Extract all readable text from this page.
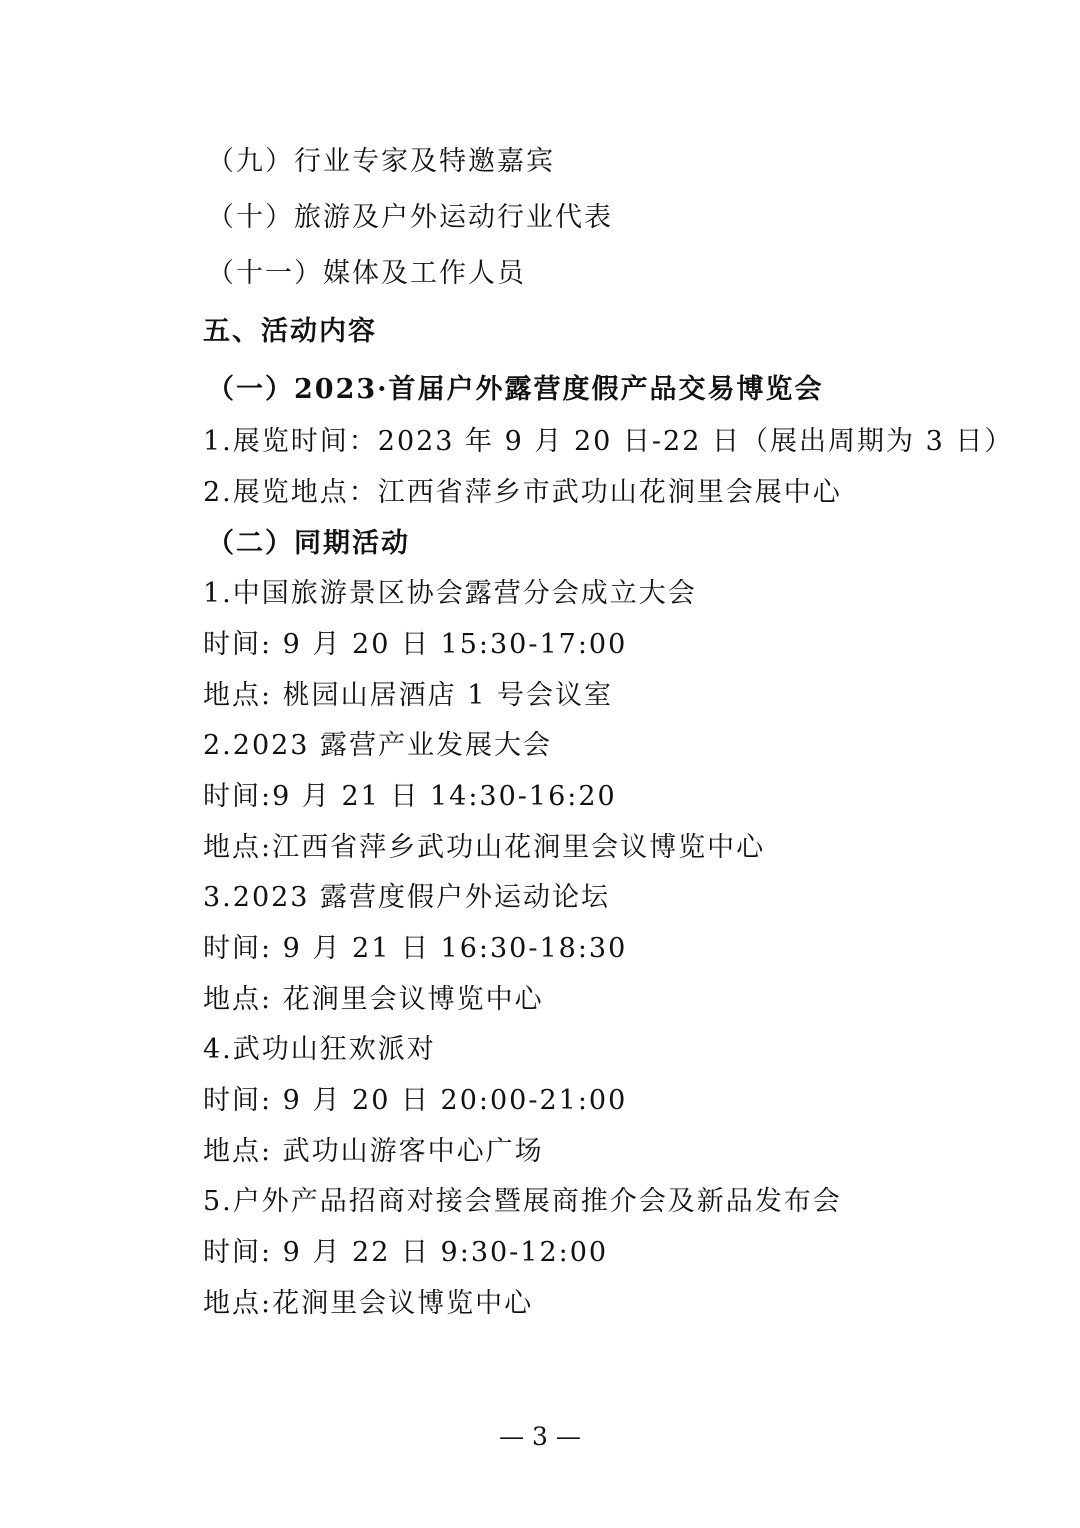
（九）行业专家及特邀嘉宾
（十）旅游及户外运动行业代表
（十一）媒体及工作人员
五、活动内容
（一）2023·首届户外露营度假产品交易博览会
1.展览时间：2023 年 9 月 20 日-22 日（展出周期为 3 日）
2.展览地点：江西省萍乡市武功山花涧里会展中心
（二）同期活动
1.中国旅游景区协会露营分会成立大会
时间: 9 月 20 日 15:30-17:00
地点: 桃园山居酒店 1 号会议室
2.2023 露营产业发展大会
时间:9 月 21 日 14:30-16:20
地点:江西省萍乡武功山花涧里会议博览中心
3.2023 露营度假户外运动论坛
时间: 9 月 21 日 16:30-18:30
地点: 花涧里会议博览中心
4.武功山狂欢派对
时间: 9 月 20 日 20:00-21:00
地点: 武功山游客中心广场
5.户外产品招商对接会暨展商推介会及新品发布会
时间: 9 月 22 日 9:30-12:00
地点:花涧里会议博览中心
— 3 —
